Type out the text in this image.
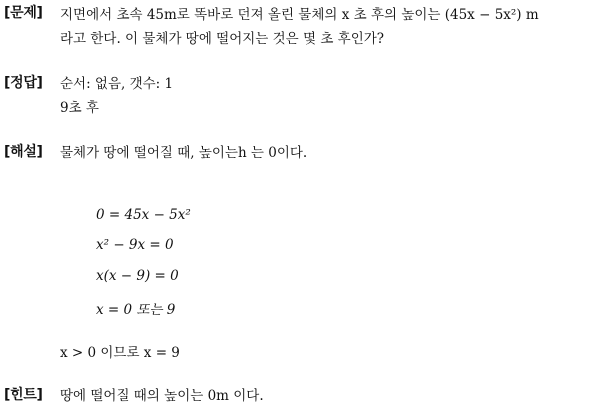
[문제] 지면에서 초속 45m로 똑바로 던져 올린 물체의 x 초 후의 높이는 (45x − 5x²) m
라고 한다. 이 물체가 땅에 떨어지는 것은 몇 초 후인가?
[정답] 순서: 없음, 갯수: 1
9초 후
[해설] 물체가 땅에 떨어질 때, 높이는h 는 0이다.
0 = 45x − 5x²
x² − 9x = 0
x(x − 9) = 0
x = 0 또는 9
x > 0 이므로 x = 9
[힌트] 땅에 떨어질 때의 높이는 0m 이다.
